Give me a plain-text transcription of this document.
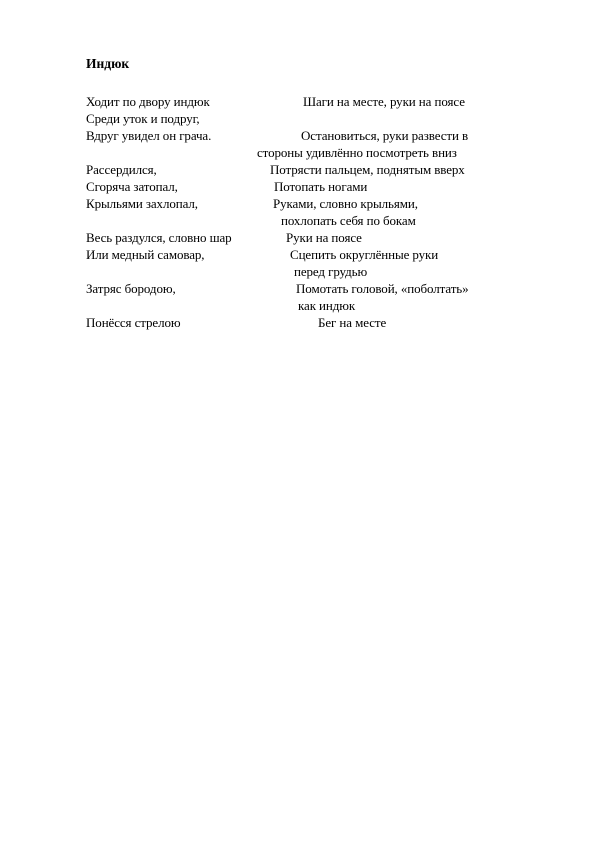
Индюк
Ходит по двору индюк	Шаги на месте, руки на поясе
Среди уток и подруг,
Вдруг увидел он грача.	Остановиться, руки развести в
стороны удивлённо посмотреть вниз
Рассердился,	Потрясти пальцем, поднятым вверх
Сгоряча затопал,	Потопать ногами
Крыльями захлопал,	Руками, словно крыльями,
похлопать себя по бокам
Весь раздулся, словно шар	Руки на поясе
Или медный самовар,	Сцепить округлённые руки
перед грудью
Затряс бородою,	Помотать головой, «поболтать»
как индюк
Понёсся стрелою	Бег на месте
